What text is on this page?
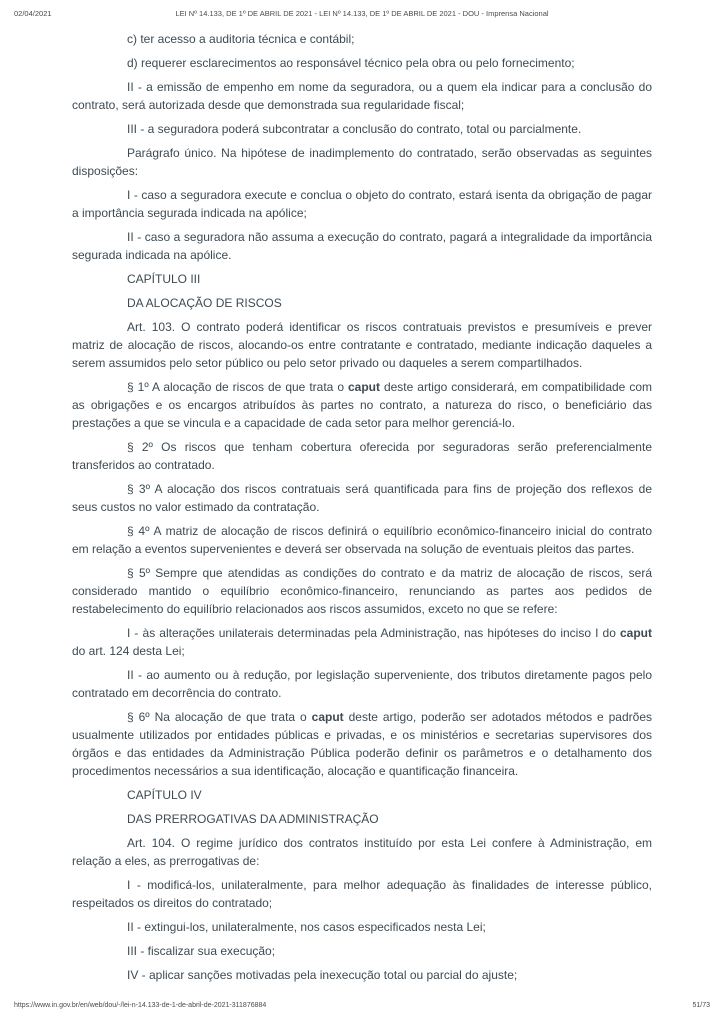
02/04/2021	LEI Nº 14.133, DE 1º DE ABRIL DE 2021 - LEI Nº 14.133, DE 1º DE ABRIL DE 2021 - DOU - Imprensa Nacional

c) ter acesso a auditoria técnica e contábil;

d) requerer esclarecimentos ao responsável técnico pela obra ou pelo fornecimento;

II - a emissão de empenho em nome da seguradora, ou a quem ela indicar para a conclusão do contrato, será autorizada desde que demonstrada sua regularidade fiscal;

III - a seguradora poderá subcontratar a conclusão do contrato, total ou parcialmente.

Parágrafo único. Na hipótese de inadimplemento do contratado, serão observadas as seguintes disposições:

I - caso a seguradora execute e conclua o objeto do contrato, estará isenta da obrigação de pagar a importância segurada indicada na apólice;

II - caso a seguradora não assuma a execução do contrato, pagará a integralidade da importância segurada indicada na apólice.

CAPÍTULO III

DA ALOCAÇÃO DE RISCOS

Art. 103. O contrato poderá identificar os riscos contratuais previstos e presumíveis e prever matriz de alocação de riscos, alocando-os entre contratante e contratado, mediante indicação daqueles a serem assumidos pelo setor público ou pelo setor privado ou daqueles a serem compartilhados.

§ 1º A alocação de riscos de que trata o caput deste artigo considerará, em compatibilidade com as obrigações e os encargos atribuídos às partes no contrato, a natureza do risco, o beneficiário das prestações a que se vincula e a capacidade de cada setor para melhor gerenciá-lo.

§ 2º Os riscos que tenham cobertura oferecida por seguradoras serão preferencialmente transferidos ao contratado.

§ 3º A alocação dos riscos contratuais será quantificada para fins de projeção dos reflexos de seus custos no valor estimado da contratação.

§ 4º A matriz de alocação de riscos definirá o equilíbrio econômico-financeiro inicial do contrato em relação a eventos supervenientes e deverá ser observada na solução de eventuais pleitos das partes.

§ 5º Sempre que atendidas as condições do contrato e da matriz de alocação de riscos, será considerado mantido o equilíbrio econômico-financeiro, renunciando as partes aos pedidos de restabelecimento do equilíbrio relacionados aos riscos assumidos, exceto no que se refere:

I - às alterações unilaterais determinadas pela Administração, nas hipóteses do inciso I do caput do art. 124 desta Lei;

II - ao aumento ou à redução, por legislação superveniente, dos tributos diretamente pagos pelo contratado em decorrência do contrato.

§ 6º Na alocação de que trata o caput deste artigo, poderão ser adotados métodos e padrões usualmente utilizados por entidades públicas e privadas, e os ministérios e secretarias supervisores dos órgãos e das entidades da Administração Pública poderão definir os parâmetros e o detalhamento dos procedimentos necessários a sua identificação, alocação e quantificação financeira.

CAPÍTULO IV

DAS PRERROGATIVAS DA ADMINISTRAÇÃO

Art. 104. O regime jurídico dos contratos instituído por esta Lei confere à Administração, em relação a eles, as prerrogativas de:

I - modificá-los, unilateralmente, para melhor adequação às finalidades de interesse público, respeitados os direitos do contratado;

II - extingui-los, unilateralmente, nos casos especificados nesta Lei;

III - fiscalizar sua execução;

IV - aplicar sanções motivadas pela inexecução total ou parcial do ajuste;

https://www.in.gov.br/en/web/dou/-/lei-n-14.133-de-1-de-abril-de-2021-311876884	51/73
